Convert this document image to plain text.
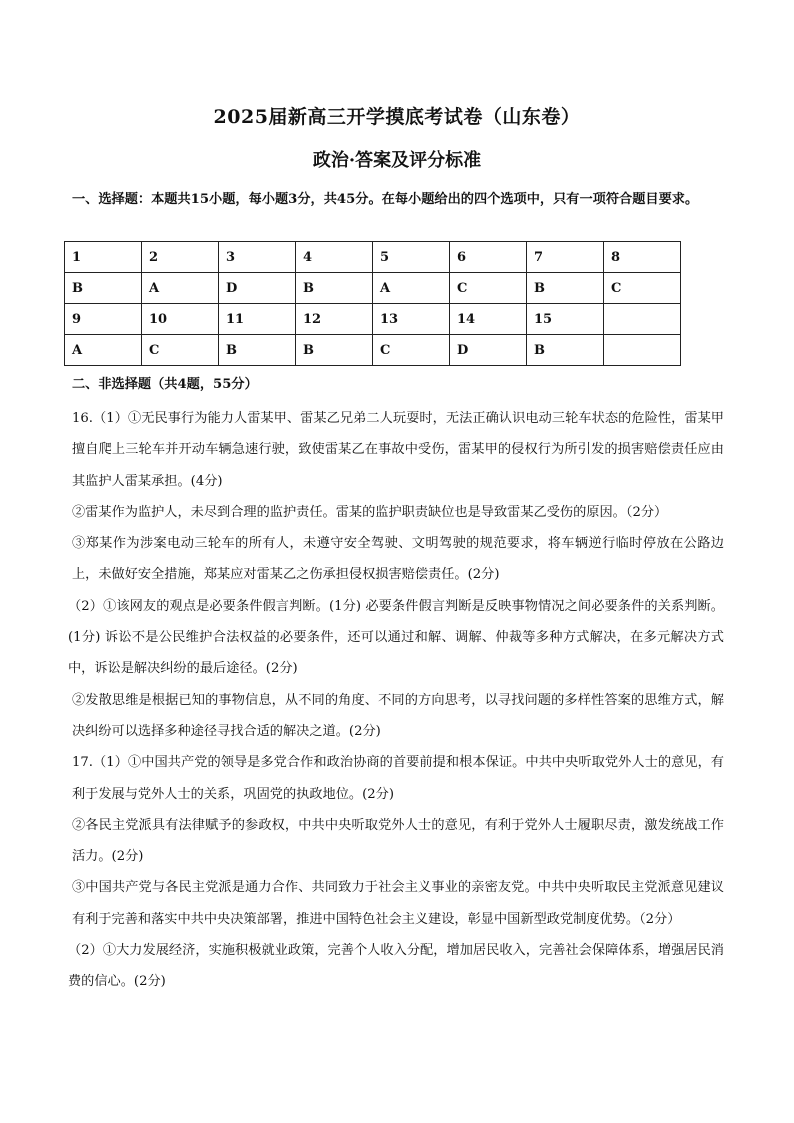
2025届新高三开学摸底考试卷（山东卷）
政治·答案及评分标准
一、选择题：本题共15小题，每小题3分，共45分。在每小题给出的四个选项中，只有一项符合题目要求。
1	2	3	4	5	6	7	8
B	A	D	B	A	C	B	C
9	10	11	12	13	14	15	
A	C	B	B	C	D	B	
二、非选择题（共4题，55分）

16.（1）①无民事行为能力人雷某甲、雷某乙兄弟二人玩耍时，无法正确认识电动三轮车状态的危险性，雷某甲擅自爬上三轮车并开动车辆急速行驶，致使雷某乙在事故中受伤，雷某甲的侵权行为所引发的损害赔偿责任应由其监护人雷某承担。(4分)

②雷某作为监护人，未尽到合理的监护责任。雷某的监护职责缺位也是导致雷某乙受伤的原因。（2分）

③郑某作为涉案电动三轮车的所有人，未遵守安全驾驶、文明驾驶的规范要求，将车辆逆行临时停放在公路边上，未做好安全措施，郑某应对雷某乙之伤承担侵权损害赔偿责任。(2分)

（2）①该网友的观点是必要条件假言判断。(1分) 必要条件假言判断是反映事物情况之间必要条件的关系判断。(1分) 诉讼不是公民维护合法权益的必要条件，还可以通过和解、调解、仲裁等多种方式解决，在多元解决方式中，诉讼是解决纠纷的最后途径。(2分)

②发散思维是根据已知的事物信息，从不同的角度、不同的方向思考，以寻找问题的多样性答案的思维方式，解决纠纷可以选择多种途径寻找合适的解决之道。(2分)

17.（1）①中国共产党的领导是多党合作和政治协商的首要前提和根本保证。中共中央听取党外人士的意见，有利于发展与党外人士的关系，巩固党的执政地位。(2分)

②各民主党派具有法律赋予的参政权，中共中央听取党外人士的意见，有利于党外人士履职尽责，激发统战工作活力。(2分)

③中国共产党与各民主党派是通力合作、共同致力于社会主义事业的亲密友党。中共中央听取民主党派意见建议有利于完善和落实中共中央决策部署，推进中国特色社会主义建设，彰显中国新型政党制度优势。（2分）

（2）①大力发展经济，实施积极就业政策，完善个人收入分配，增加居民收入，完善社会保障体系，增强居民消费的信心。(2分)
